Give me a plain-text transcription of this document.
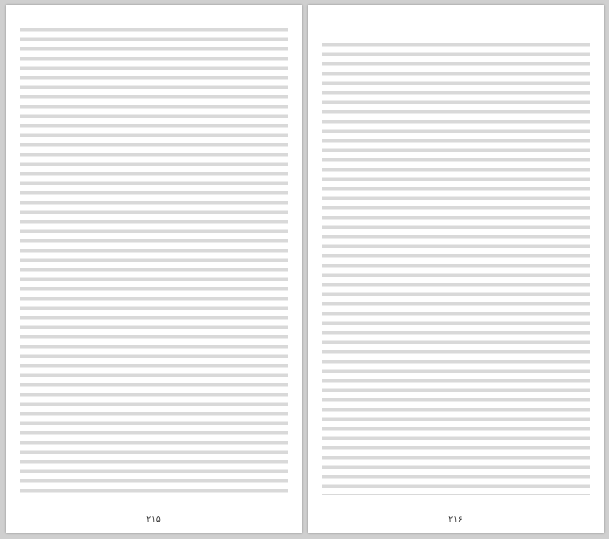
۲۱۵	۲۱۶
